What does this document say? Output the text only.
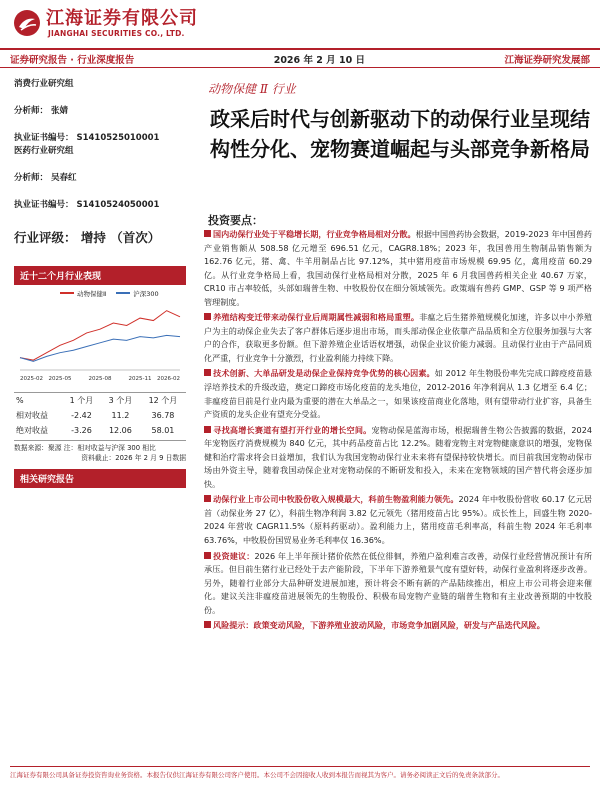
江海证券有限公司
JIANGHAI SECURITIES CO., LTD.
证券研究报告 · 行业深度报告	2026 年 2 月 10 日	江海证券研究发展部
消费行业研究组
分析师： 张婧
执业证书编号： S1410525010001
医药行业研究组
分析师： 吴春红
执业证书编号： S1410524050001
行业评级： 增持 （首次）
近十二个月行业表现
动物保健Ⅱ	沪深300
2025-02 2025-05	2025-08	2025-11 2026-02
%	1 个月	3 个月	12 个月
相对收益	-2.42	11.2	36.78
绝对收益	-3.26	12.06	58.01
数据来源：聚源 注：相对收益与沪深 300 相比
资料截止：2026 年 2 月 9 日数据
相关研究报告
动物保健 Ⅱ 行业
政采后时代与创新驱动下的动保行业呈现结构性分化、宠物赛道崛起与头部竞争新格局
投资要点：

国内动保行业处于平稳增长期，行业竞争格局相对分散。根据中国兽药协会数据，2019-2023 年中国兽药产业销售额从 508.58 亿元增至 696.51 亿元，CAGR8.18%；2023 年，我国兽用生物制品销售额为 162.76 亿元，猪、禽、牛羊用制品占比 97.12%，其中猪用疫苗市场规模 69.95 亿，禽用疫苗 60.29 亿。从行业竞争格局上看，我国动保行业格局相对分散，2025 年 6 月我国兽药相关企业 40.67 万家，CR10 市占率较低，头部如瑞普生物、中牧股份仅在细分领域领先。政策端有兽药 GMP、GSP 等 9 项严格管理制度。

养殖结构变迁带来动保行业后周期属性减弱和格局重塑。非瘟之后生猪养殖规模化加速，许多以中小养殖户为主的动保企业失去了客户群体后逐步退出市场，而头部动保企业依靠产品品质和全方位服务加强与大客户的合作，获取更多份额。但下游养殖企业话语权增强，动保企业议价能力减弱。且动保行业由于产品同质化严重，行业竞争十分激烈，行业盈利能力持续下降。

技术创新、大单品研发是动保企业保持竞争优势的核心因素。如 2012 年生物股份率先完成口蹄疫疫苗悬浮培养技术的升级改造，奠定口蹄疫市场化疫苗的龙头地位，2012-2016 年净利润从 1.3 亿增至 6.4 亿；非瘟疫苗目前是行业内最为重要的潜在大单品之一，如果该疫苗商业化落地，则有望带动行业扩容，具备生产资质的龙头企业有望充分受益。

寻找高增长赛道有望打开行业的增长空间。宠物动保是蓝海市场，根据瑞普生物公告披露的数据，2024 年宠物医疗消费规模为 840 亿元，其中药品疫苗占比 12.2%。随着宠物主对宠物健康意识的增强，宠物保健和治疗需求将会日益增加，我们认为我国宠物动保行业未来将有望保持较快增长。而目前我国宠物动保市场由外资主导，随着我国动保企业对宠物动保的不断研发和投入，未来在宠物领域的国产替代将会逐步加快。

动保行业上市公司中牧股份收入规模最大，科前生物盈利能力领先。2024 年中牧股份营收 60.17 亿元居首（动保业务 27 亿），科前生物净利润 3.82 亿元领先（猪用疫苗占比 95%）。成长性上，回盛生物 2020-2024 年营收 CAGR11.5%（原料药驱动）。盈利能力上，猪用疫苗毛利率高，科前生物 2024 年毛利率 63.76%，中牧股份国贸易业务毛利率仅 16.36%。

投资建议：2026 年上半年预计猪价依然在低位徘徊，养殖户盈利难言改善，动保行业经营情况预计有所承压。但目前生猪行业已经处于去产能阶段，下半年下游养殖景气度有望好转，动保行业盈利将逐步改善。另外，随着行业部分大品种研发进展加速，预计将会不断有新的产品陆续推出，相应上市公司将会迎来催化。建议关注非瘟疫苗进展领先的生物股份、积极布局宠物产业链的瑞普生物和有主业改善预期的中牧股份。

风险提示：政策变动风险，下游养殖业波动风险，市场竞争加剧风险，研发与产品迭代风险。

江海证券有限公司具备证券投资咨询业务资格。本报告仅供江海证券有限公司客户使用。本公司不会因接收人收到本报告而视其为客户。请务必阅读正文后的免责条款部分。
